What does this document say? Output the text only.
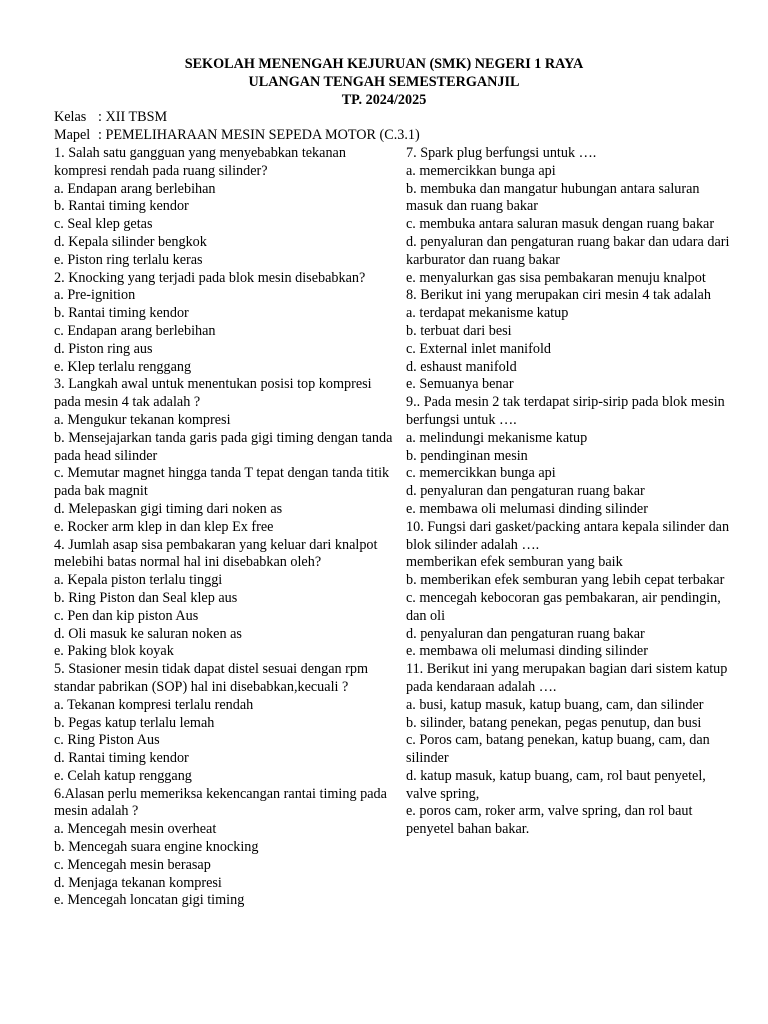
SEKOLAH MENENGAH KEJURUAN (SMK) NEGERI 1 RAYA
ULANGAN TENGAH SEMESTERGANJIL
TP. 2024/2025
Kelas : XII TBSM
Mapel : PEMELIHARAAN MESIN SEPEDA MOTOR (C.3.1)
1. Salah satu gangguan yang menyebabkan tekanan kompresi rendah pada ruang silinder?
a. Endapan arang berlebihan
b. Rantai timing kendor
c. Seal klep getas
d. Kepala silinder bengkok
e. Piston ring terlalu keras
2. Knocking yang terjadi pada blok mesin disebabkan?
a. Pre-ignition
b. Rantai timing kendor
c. Endapan arang berlebihan
d. Piston ring aus
e. Klep terlalu renggang
3. Langkah awal untuk menentukan posisi top kompresi pada mesin 4 tak adalah ?
a. Mengukur tekanan kompresi
b. Mensejajarkan tanda garis pada gigi timing dengan tanda pada head silinder
c. Memutar magnet hingga tanda T tepat dengan tanda titik pada bak magnit
d. Melepaskan gigi timing dari noken as
e. Rocker arm klep in dan klep Ex free
4. Jumlah asap sisa pembakaran yang keluar dari knalpot melebihi batas normal hal ini disebabkan oleh?
a. Kepala piston terlalu tinggi
b. Ring Piston dan Seal klep aus
c. Pen dan kip piston Aus
d. Oli masuk ke saluran noken as
e. Paking blok koyak
5. Stasioner mesin tidak dapat distel sesuai dengan rpm standar pabrikan (SOP) hal ini disebabkan,kecuali ?
a. Tekanan kompresi terlalu rendah
b. Pegas katup terlalu lemah
c. Ring Piston Aus
d. Rantai timing kendor
e. Celah katup renggang
6.Alasan perlu memeriksa kekencangan rantai timing pada mesin adalah ?
a. Mencegah mesin overheat
b. Mencegah suara engine knocking
c. Mencegah mesin berasap
d. Menjaga tekanan kompresi
e. Mencegah loncatan gigi timing
7. Spark plug berfungsi untuk ….
a. memercikkan bunga api
b. membuka dan mangatur hubungan antara saluran masuk dan ruang bakar
c. membuka antara saluran masuk dengan ruang bakar
d. penyaluran dan pengaturan ruang bakar dan udara dari karburator dan ruang bakar
e. menyalurkan gas sisa pembakaran menuju knalpot
8. Berikut ini yang merupakan ciri mesin 4 tak adalah
a. terdapat mekanisme katup
b. terbuat dari besi
c. External inlet manifold
d. eshaust manifold
e. Semuanya benar
9.. Pada mesin 2 tak terdapat sirip-sirip pada blok mesin berfungsi untuk ….
a. melindungi mekanisme katup
b. pendinginan mesin
c. memercikkan bunga api
d. penyaluran dan pengaturan ruang bakar
e. membawa oli melumasi dinding silinder
10. Fungsi dari gasket/packing antara kepala silinder dan blok silinder adalah ….
memberikan efek semburan yang baik
b. memberikan efek semburan yang lebih cepat terbakar
c. mencegah kebocoran gas pembakaran, air pendingin, dan oli
d. penyaluran dan pengaturan ruang bakar
e. membawa oli melumasi dinding silinder
11. Berikut ini yang merupakan bagian dari sistem katup pada kendaraan adalah ….
a. busi, katup masuk, katup buang, cam, dan silinder
b. silinder, batang penekan, pegas penutup, dan busi
c. Poros cam, batang penekan, katup buang, cam, dan silinder
d. katup masuk, katup buang, cam, rol baut penyetel, valve spring,
e. poros cam, roker arm, valve spring, dan rol baut penyetel bahan bakar.
